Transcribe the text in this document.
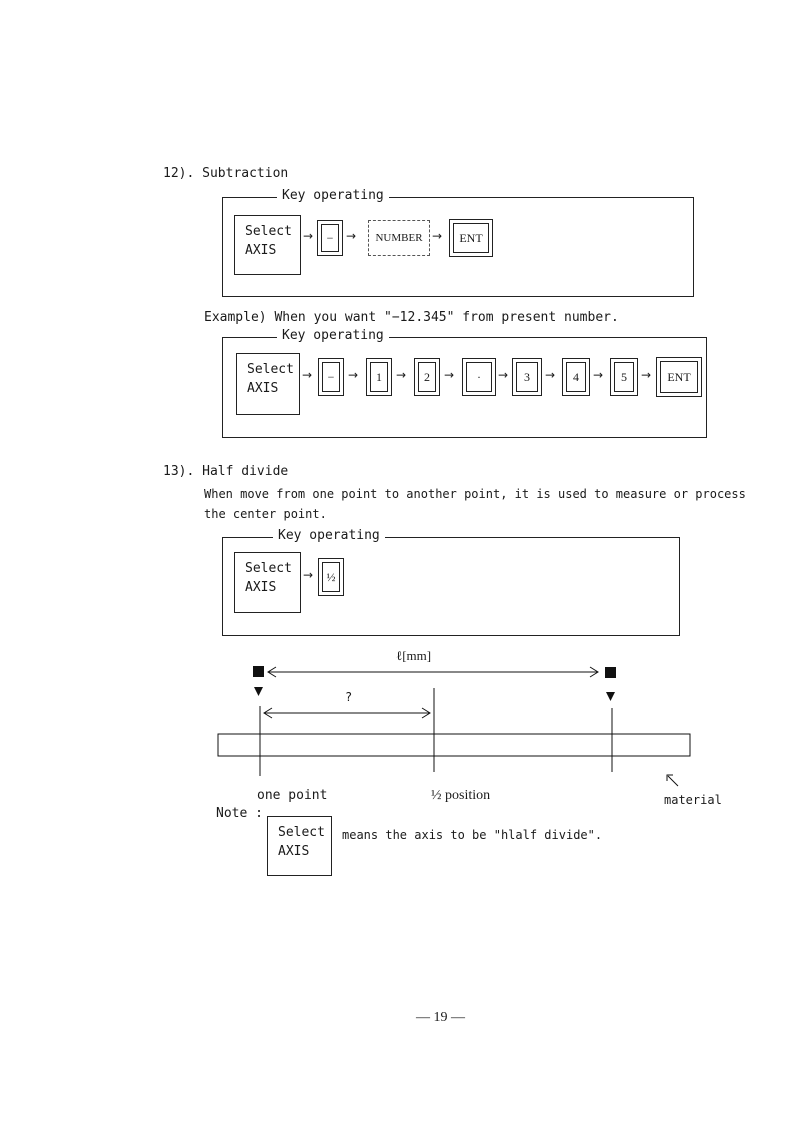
12). Subtraction
Key operating
Select
AXIS
→	−	→	NUMBER →	ENT
Example) When you want "−12.345" from present number.
Key operating
Select
AXIS
→	−	→	1	→	2	→	·	→	3	→	4	→	5	→	ENT
13). Half divide
When move from one point to another point, it is used to measure or process
the center point.
Key operating
Select
AXIS
→	½
ℓ[mm]
?
one point	½ position	material
Note :
Select
AXIS
means the axis to be "hlalf divide".
— 19 —
